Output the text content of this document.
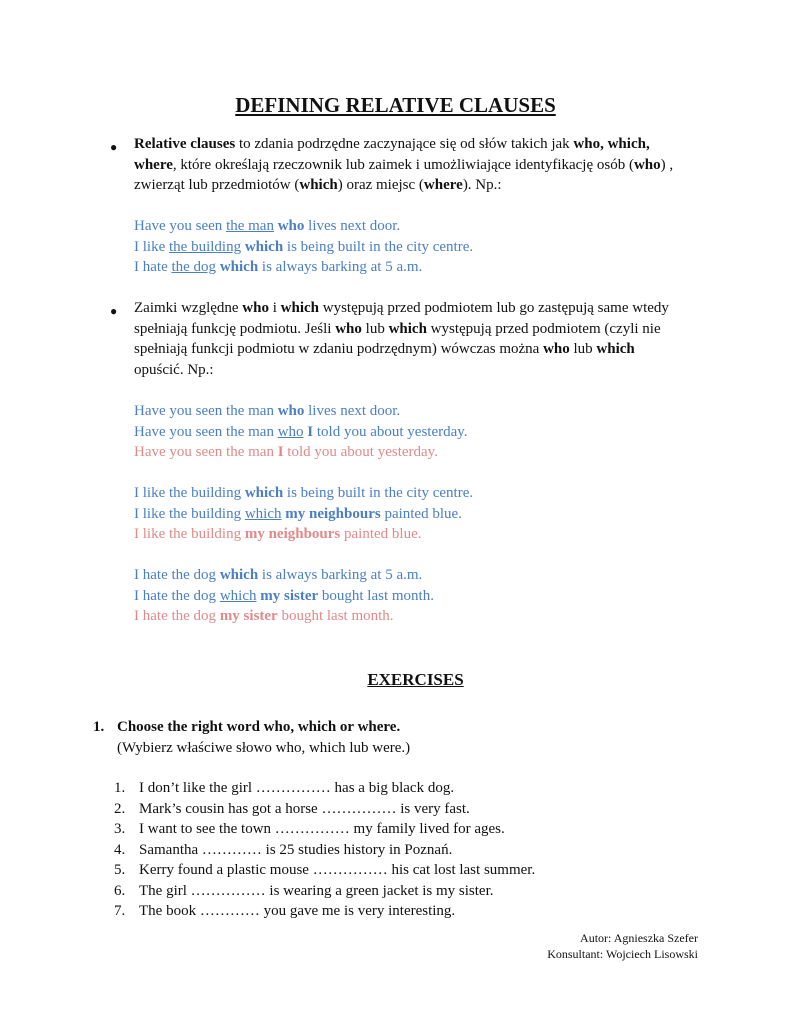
DEFINING RELATIVE CLAUSES
● Relative clauses to zdania podrzędne zaczynające się od słów takich jak who, which,
where, które określają rzeczownik lub zaimek i umożliwiające identyfikację osób (who) ,
zwierząt lub przedmiotów (which) oraz miejsc (where). Np.:
Have you seen the man who lives next door.
I like the building which is being built in the city centre.
I hate the dog which is always barking at 5 a.m.
● Zaimki względne who i which występują przed podmiotem lub go zastępują same wtedy
spełniają funkcję podmiotu. Jeśli who lub which występują przed podmiotem (czyli nie
spełniają funkcji podmiotu w zdaniu podrzędnym) wówczas można who lub which
opuścić. Np.:
Have you seen the man who lives next door.
Have you seen the man who I told you about yesterday.
Have you seen the man I told you about yesterday.
I like the building which is being built in the city centre.
I like the building which my neighbours painted blue.
I like the building my neighbours painted blue.
I hate the dog which is always barking at 5 a.m.
I hate the dog which my sister bought last month.
I hate the dog my sister bought last month.
EXERCISES
1. Choose the right word who, which or where.
(Wybierz właściwe słowo who, which lub were.)
1. I don’t like the girl …………… has a big black dog.
2. Mark’s cousin has got a horse …………… is very fast.
3. I want to see the town …………… my family lived for ages.
4. Samantha ………… is 25 studies history in Poznań.
5. Kerry found a plastic mouse …………… his cat lost last summer.
6. The girl …………… is wearing a green jacket is my sister.
7. The book ………… you gave me is very interesting.
Autor: Agnieszka Szefer
Konsultant: Wojciech Lisowski
